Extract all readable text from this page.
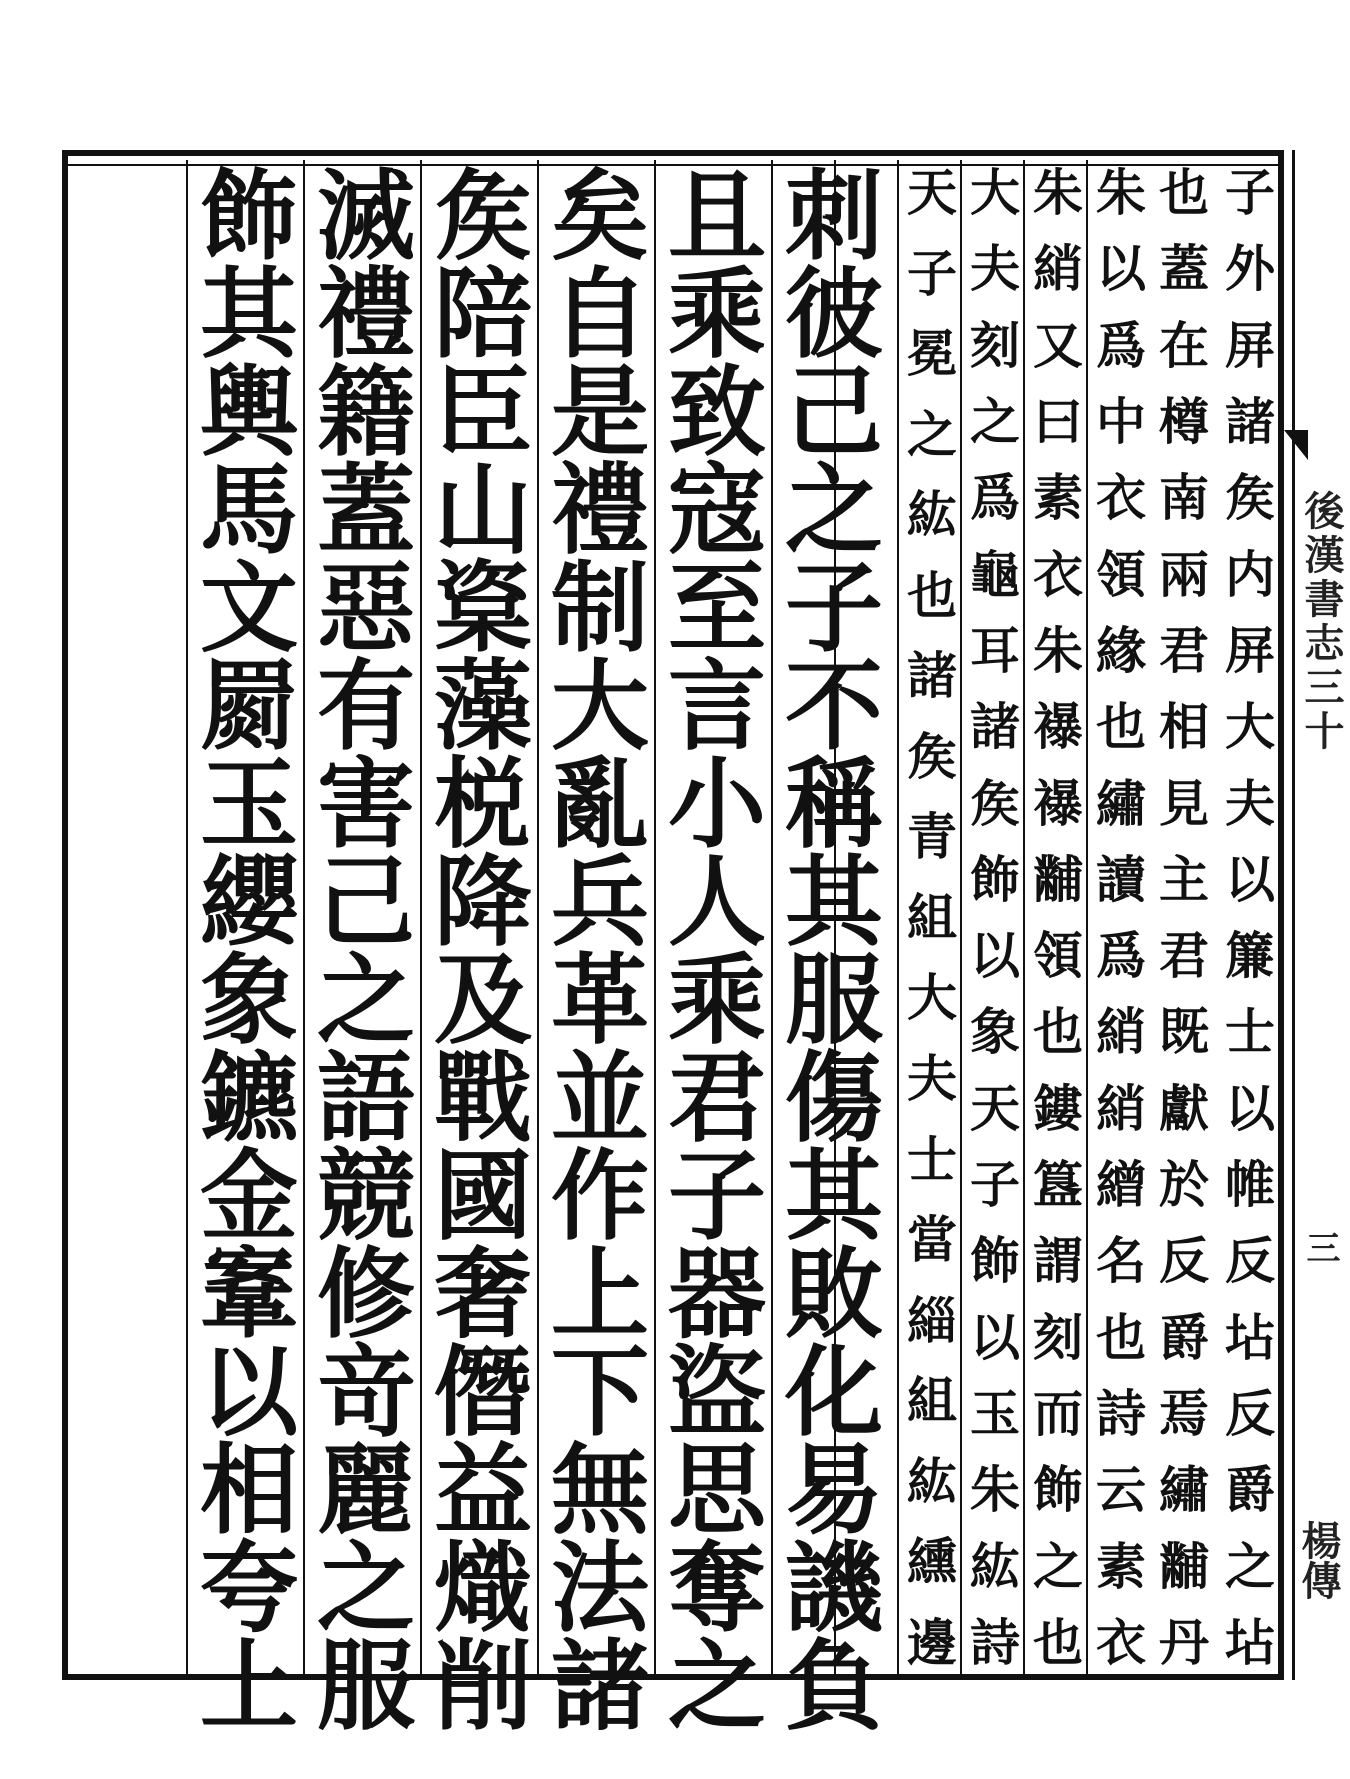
子
外
屏
諸
矦
内
屏
大
夫
以
簾
士
以
帷
反
坫
反
爵
之
坫
也
蓋
在
樽
南
兩
君
相
見
主
君
既
獻
於
反
爵
焉
繡
黼
丹
朱
以
爲
中
衣
領
緣
也
繡
讀
爲
綃
綃
繒
名
也
詩
云
素
衣
朱
綃
又
曰
素
衣
朱
襮
襮
黼
領
也
鏤
簋
謂
刻
而
飾
之
也
大
夫
刻
之
爲
龜
耳
諸
矦
飾
以
象
天
子
飾
以
玉
朱
紘
詩
天
子
冕
之
紘
也
諸
矦
青
組
大
夫
士
當
緇
組
紘
纁
邊
刺
彼
己
之
子
不
稱
其
服
傷
其
敗
化
易
譏
負
且
乘
致
寇
至
言
小
人
乘
君
子
器
盜
思
奪
之
矣
自
是
禮
制
大
亂
兵
革
並
作
上
下
無
法
諸
矦
陪
臣
山
楶
藻
棁
降
及
戰
國
奢
僭
益
熾
削
滅
禮
籍
蓋
惡
有
害
己
之
語
競
修
竒
麗
之
服
飾
其
輿
馬
文
罽
玉
纓
象
鑣
金
鞌
以
相
夸
上
後漢書志三十
三
楊傳
